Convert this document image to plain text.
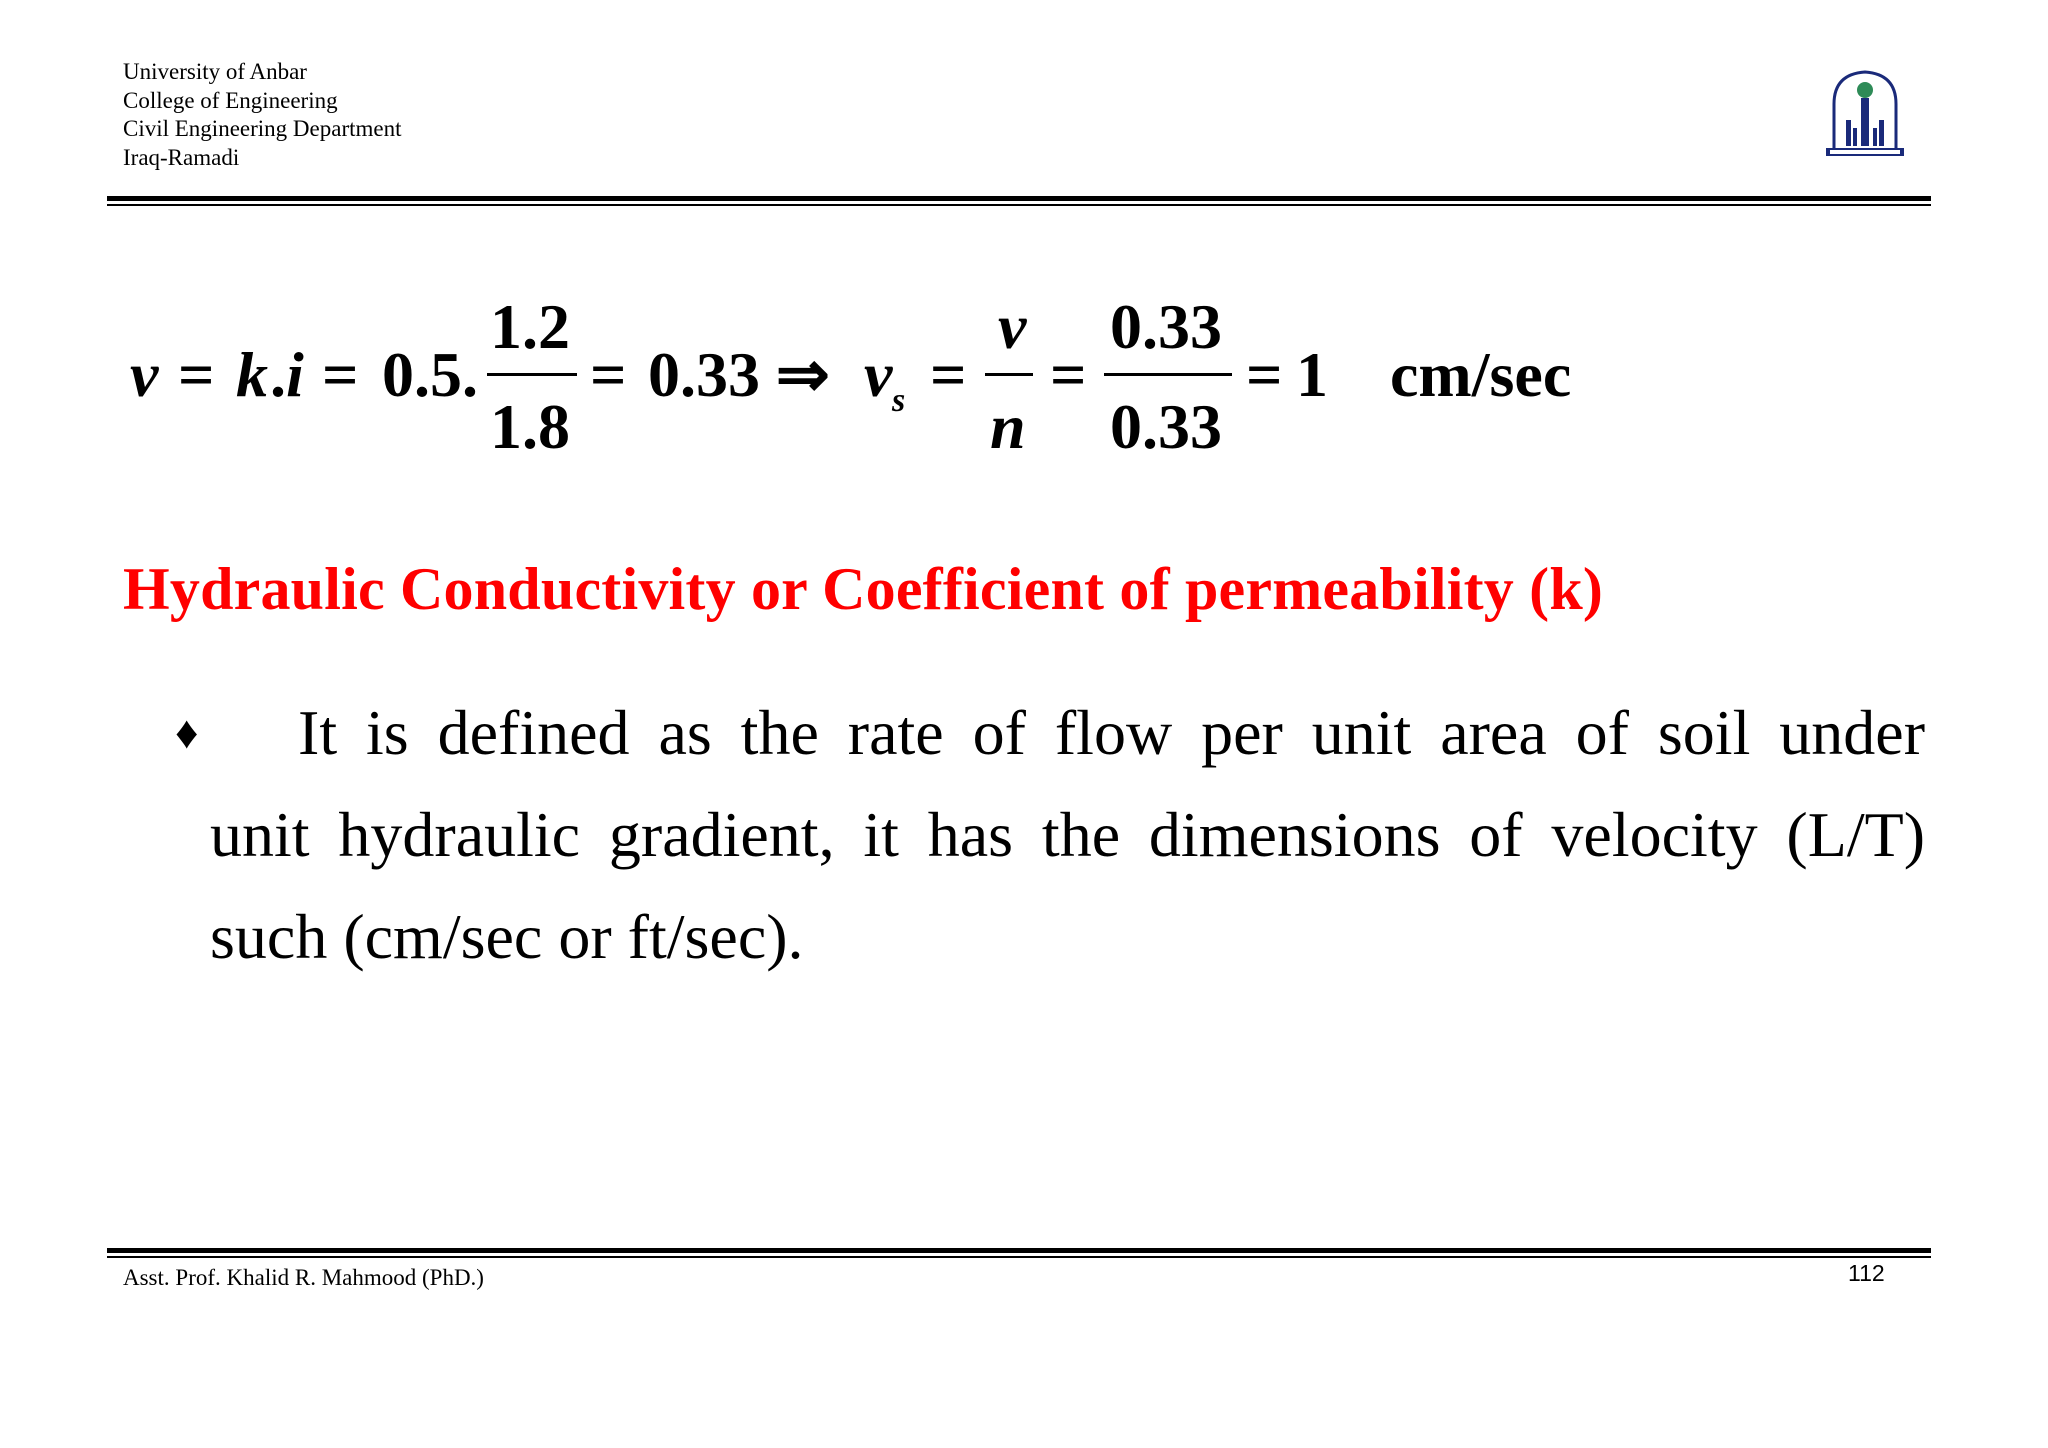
University of Anbar
College of Engineering
Civil Engineering Department
Iraq-Ramadi
v = k . i = 0.5.
1.2
1.8
= 0.33 ⇒ v s =
v
n
=
0.33
0.33
= 1 cm/sec
Hydraulic Conductivity or Coefficient of permeability (k)
♦ It is defined as the rate of flow per unit area of soil under
unit hydraulic gradient, it has the dimensions of velocity (L/T)
such (cm/sec or ft/sec).
Asst. Prof. Khalid R. Mahmood (PhD.)	112
